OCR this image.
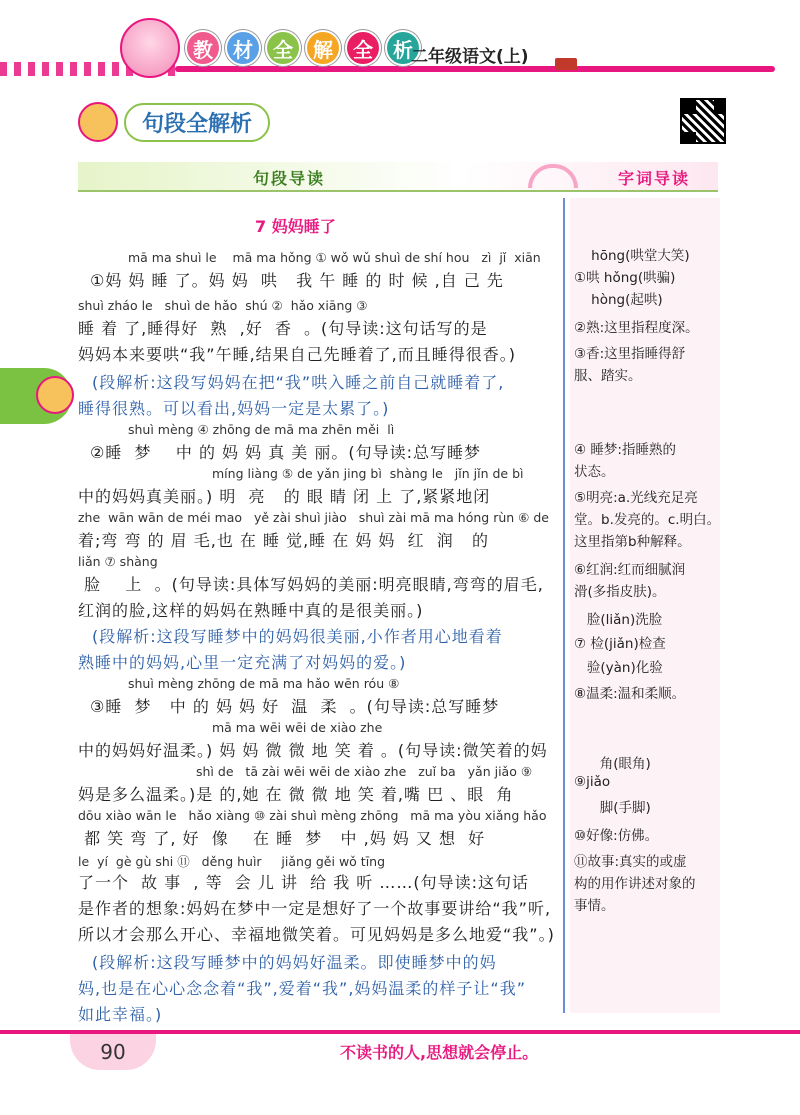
教	材	全	解	全	析
二年级语文(上)
句段全解析
句段导读	字词导读
7 妈妈睡了
mā ma shuì le    mā ma hǒng ① wǒ wǔ shuì de shí hou   zì  jǐ  xiān
①妈 妈 睡 了。妈 妈  哄   我 午 睡 的 时 候 ,自 己 先
shuì zháo le   shuì de hǎo  shú ②  hǎo xiāng ③
睡 着 了,睡得好  熟  ,好  香  。(句导读:这句话写的是
妈妈本来要哄“我”午睡,结果自己先睡着了,而且睡得很香。)
(段解析:这段写妈妈在把“我”哄入睡之前自己就睡着了,
睡得很熟。可以看出,妈妈一定是太累了。)
shuì mèng ④ zhōng de mā ma zhēn měi  lì
②睡  梦    中 的 妈 妈 真 美 丽。(句导读:总写睡梦
míng liàng ⑤ de yǎn jing bì  shàng le   jǐn jǐn de bì
中的妈妈真美丽。) 明  亮   的 眼 睛 闭 上 了,紧紧地闭
zhe  wān wān de méi mao   yě zài shuì jiào   shuì zài mā ma hóng rùn ⑥ de
着;弯 弯 的 眉 毛,也 在 睡 觉,睡 在 妈 妈  红  润   的
liǎn ⑦ shàng
脸    上  。(句导读:具体写妈妈的美丽:明亮眼睛,弯弯的眉毛,
红润的脸,这样的妈妈在熟睡中真的是很美丽。)
(段解析:这段写睡梦中的妈妈很美丽,小作者用心地看着
熟睡中的妈妈,心里一定充满了对妈妈的爱。)
shuì mèng zhōng de mā ma hǎo wēn róu ⑧
③睡  梦   中 的 妈 妈 好  温  柔  。(句导读:总写睡梦
mā ma wēi wēi de xiào zhe
中的妈妈好温柔。) 妈 妈 微 微 地 笑 着 。(句导读:微笑着的妈
shì de   tā zài wēi wēi de xiào zhe   zuǐ ba   yǎn jiǎo ⑨
妈是多么温柔。)是 的,她 在 微 微 地 笑 着,嘴 巴 、眼  角
dōu xiào wān le   hǎo xiàng ⑩ zài shuì mèng zhōng   mā ma yòu xiǎng hǎo
都 笑 弯 了, 好  像    在 睡  梦   中 ,妈 妈 又 想  好
le  yí  gè gù shi ⑪   děng huìr     jiǎng gěi wǒ tīng
了一个  故 事  , 等  会 儿 讲  给 我 听 ……(句导读:这句话
是作者的想象:妈妈在梦中一定是想好了一个故事要讲给“我”听,
所以才会那么开心、幸福地微笑着。可见妈妈是多么地爱“我”。)
(段解析:这段写睡梦中的妈妈好温柔。即使睡梦中的妈
妈,也是在心心念念着“我”,爱着“我”,妈妈温柔的样子让“我”
如此幸福。)
hōng(哄堂大笑)
①哄 hǒng(哄骗)
hòng(起哄)
②熟:这里指程度深。
③香:这里指睡得舒
服、踏实。
④ 睡梦:指睡熟的
状态。
⑤明亮:a.光线充足亮
堂。b.发亮的。c.明白。
这里指第b种解释。
⑥红润:红而细腻润
滑(多指皮肤)。
脸(liǎn)洗脸
⑦ 检(jiǎn)检查
验(yàn)化验
⑧温柔:温和柔顺。
角(眼角)
⑨jiǎo
脚(手脚)
⑩好像:仿佛。
⑪故事:真实的或虚
构的用作讲述对象的
事情。
90	不读书的人,思想就会停止。
